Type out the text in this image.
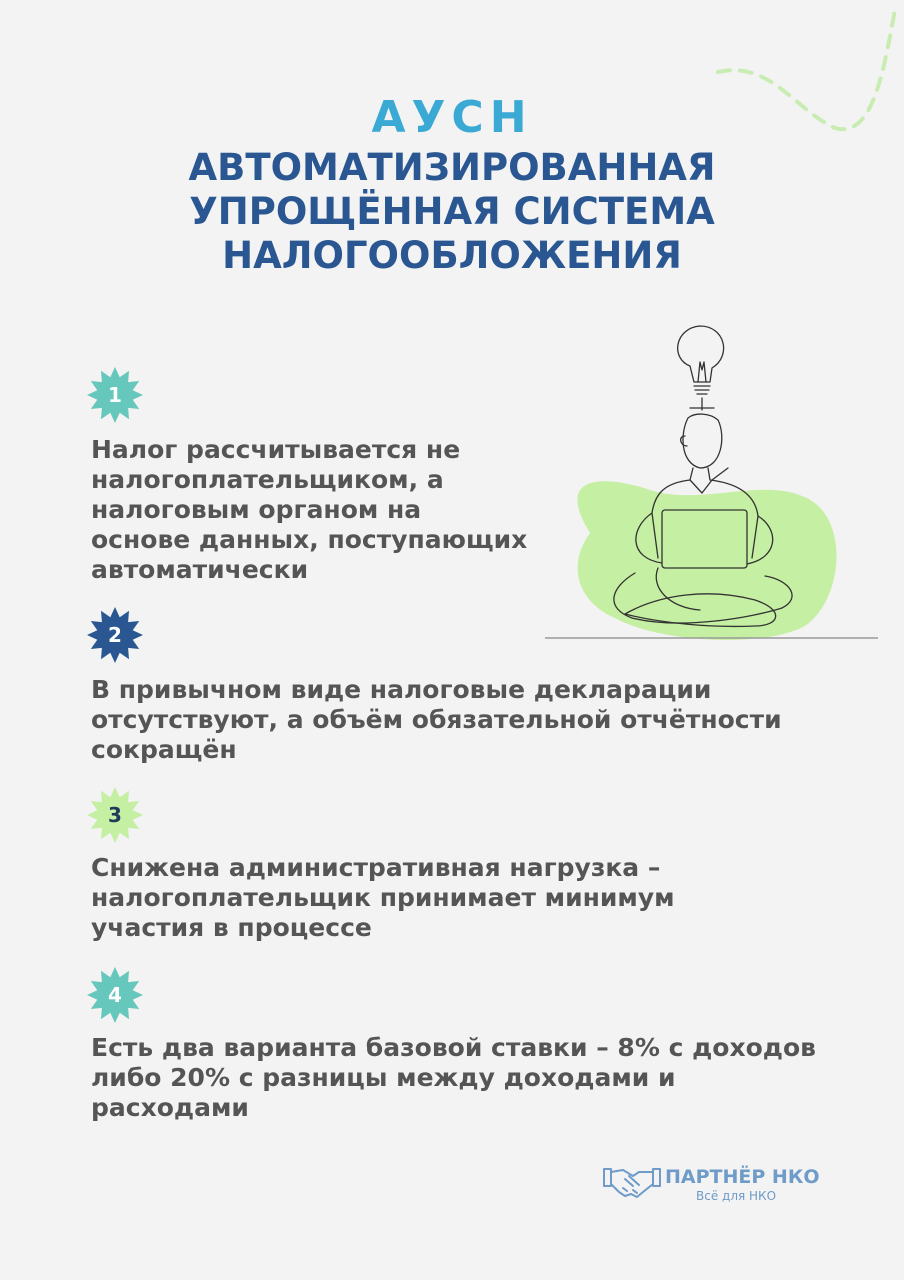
АУСН
АВТОМАТИЗИРОВАННАЯ
УПРОЩЁННАЯ СИСТЕМА
НАЛОГООБЛОЖЕНИЯ
1
Налог рассчитывается не
налогоплательщиком, а
налоговым органом на
основе данных, поступающих
автоматически
2
В привычном виде налоговые декларации
отсутствуют, а объём обязательной отчётности
сокращён
3
Снижена административная нагрузка –
налогоплательщик принимает минимум
участия в процессе
4
Есть два варианта базовой ставки – 8% с доходов
либо 20% с разницы между доходами и
расходами
ПАРТНЁР НКО
Всё для НКО
